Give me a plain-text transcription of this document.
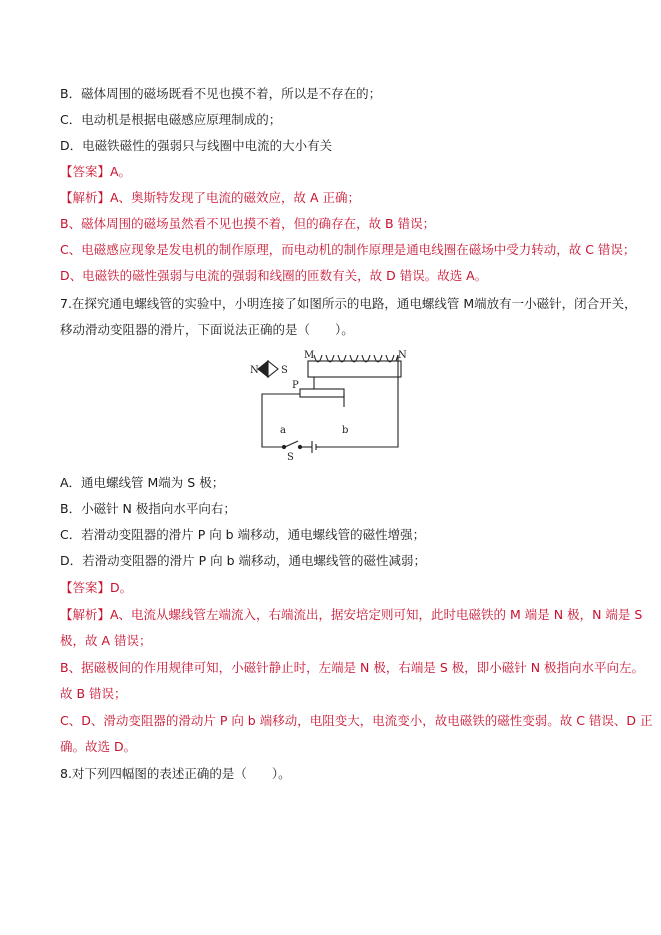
B．磁体周围的磁场既看不见也摸不着，所以是不存在的；
C．电动机是根据电磁感应原理制成的；
D．电磁铁磁性的强弱只与线圈中电流的大小有关
【答案】A。
【解析】A、奥斯特发现了电流的磁效应，故 A 正确；
B、磁体周围的磁场虽然看不见也摸不着，但的确存在，故 B 错误；
C、电磁感应现象是发电机的制作原理，而电动机的制作原理是通电线圈在磁场中受力转动，故 C 错误；
D、电磁铁的磁性强弱与电流的强弱和线圈的匝数有关，故 D 错误。故选 A。
7.在探究通电螺线管的实验中，小明连接了如图所示的电路，通电螺线管 M端放有一小磁针，闭合开关，
移动滑动变阻器的滑片，下面说法正确的是（　　）。
N S
M	N
P
a	b
S
A．通电螺线管 M端为 S 极；
B．小磁针 N 极指向水平向右；
C．若滑动变阻器的滑片 P 向 b 端移动，通电螺线管的磁性增强；
D．若滑动变阻器的滑片 P 向 b 端移动，通电螺线管的磁性减弱；
【答案】D。
【解析】A、电流从螺线管左端流入，右端流出，据安培定则可知，此时电磁铁的 M 端是 N 极，N 端是 S
极，故 A 错误；
B、据磁极间的作用规律可知，小磁针静止时，左端是 N 极，右端是 S 极，即小磁针 N 极指向水平向左。
故 B 错误；
C、D、滑动变阻器的滑动片 P 向 b 端移动，电阻变大，电流变小，故电磁铁的磁性变弱。故 C 错误、D 正
确。故选 D。
8.对下列四幅图的表述正确的是（　　）。
